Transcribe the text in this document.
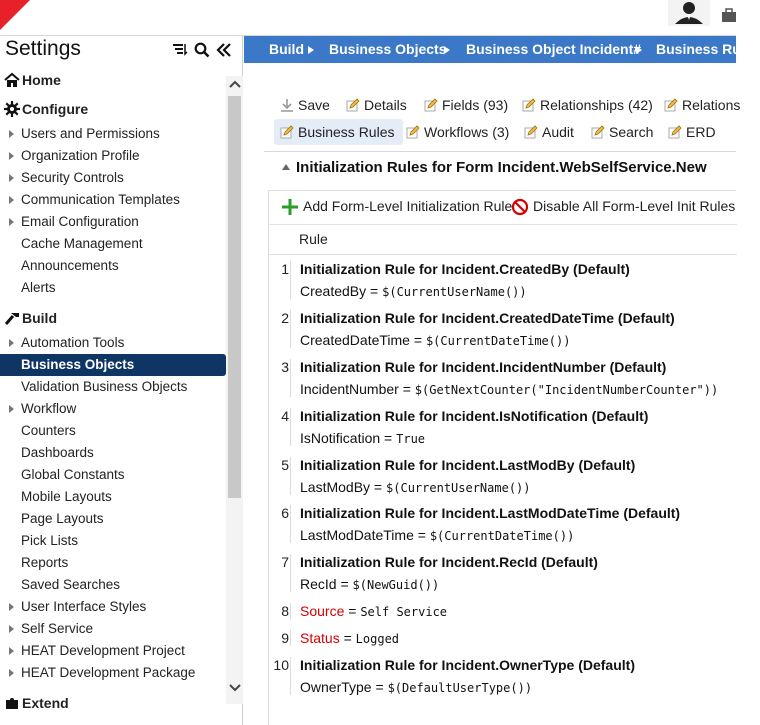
Settings
Home
Configure
Users and Permissions
Organization Profile
Security Controls
Communication Templates
Email Configuration
Cache Management
Announcements
Alerts
Build
Automation Tools
Business Objects
Validation Business Objects
Workflow
Counters
Dashboards
Global Constants
Mobile Layouts
Page Layouts
Pick Lists
Reports
Saved Searches
User Interface Styles
Self Service
HEAT Development Project
HEAT Development Package
Extend
Build Business Objects Business Object Incident# Business Rules
Save	Details	Fields (93)	Relationships (42)	Relations
Business Rules	Workflows (3)	Audit	Search	ERD
Initialization Rules for Form Incident.WebSelfService.New
Add Form-Level Initialization Rule	Disable All Form-Level Init Rules
Rule
1 Initialization Rule for Incident.CreatedBy (Default)
CreatedBy = $(CurrentUserName())
2 Initialization Rule for Incident.CreatedDateTime (Default)
CreatedDateTime = $(CurrentDateTime())
3 Initialization Rule for Incident.IncidentNumber (Default)
IncidentNumber = $(GetNextCounter("IncidentNumberCounter"))
4 Initialization Rule for Incident.IsNotification (Default)
IsNotification = True
5 Initialization Rule for Incident.LastModBy (Default)
LastModBy = $(CurrentUserName())
6 Initialization Rule for Incident.LastModDateTime (Default)
LastModDateTime = $(CurrentDateTime())
7 Initialization Rule for Incident.RecId (Default)
RecId = $(NewGuid())
8 Source = Self Service
9 Status = Logged
10 Initialization Rule for Incident.OwnerType (Default)
OwnerType = $(DefaultUserType())
